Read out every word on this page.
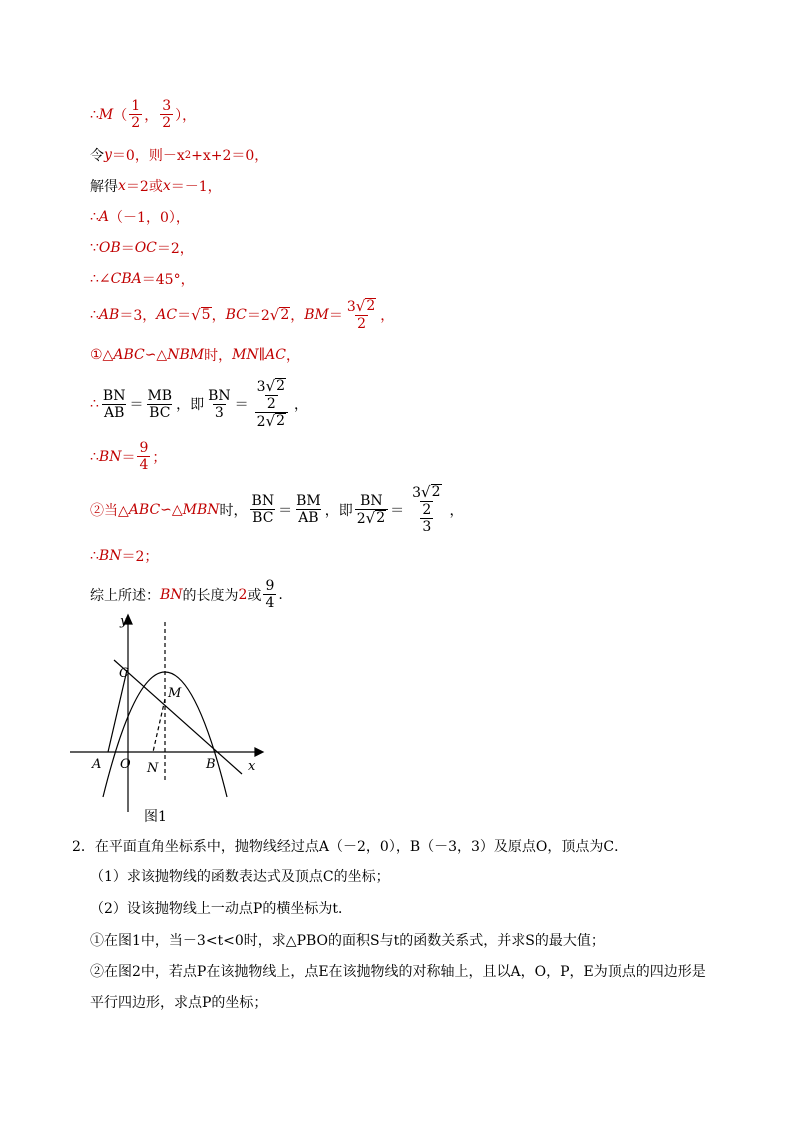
∴ M （ $\frac{1}{2}$ ， $\frac{3}{2}$ ），
令 y ＝0，则－x 2 +x+2＝0，
解得 x ＝2或 x ＝－1，
∴ A （－1，0），
∵ OB ＝ OC ＝2，
∴∠ CBA ＝45°，
∴ AB ＝3， AC ＝ √ 5 ， BC ＝2 √ 2 ， BM ＝ $\frac{3 √ 2}{2}$ ，
①△ ABC ∽△ NBM 时， MN ∥ AC ，
∴ $\frac{BN}{AB} = \frac{MB}{BC}$ ，即 $\frac{BN}{3} = \frac{\frac{3 √ 2}{2}}{2 √ 2}$ ，
∴ BN ＝ $\frac{9}{4}$ ；
②当△ ABC ∽△ MBN 时， $\frac{BN}{BC} = \frac{BM}{AB}$ ，即 $\frac{BN}{2 √ 2} = \frac{\frac{3 √ 2}{2}}{3}$ ，
∴ BN ＝2；
综上所述： BN 的长度为 2 或 $\frac{9}{4}$ .
y
x
C
M
A O N	B
图1
2．在平面直角坐标系中，抛物线经过点A（－2，0），B（－3，3）及原点O，顶点为C．
（1）求该抛物线的函数表达式及顶点C的坐标；
（2）设该抛物线上一动点P的横坐标为t．
①在图1中，当－3<t<0时，求△PBO的面积S与t的函数关系式，并求S的最大值；
②在图2中，若点P在该抛物线上，点E在该抛物线的对称轴上，且以A，O，P，E为顶点的四边形是
平行四边形，求点P的坐标；
